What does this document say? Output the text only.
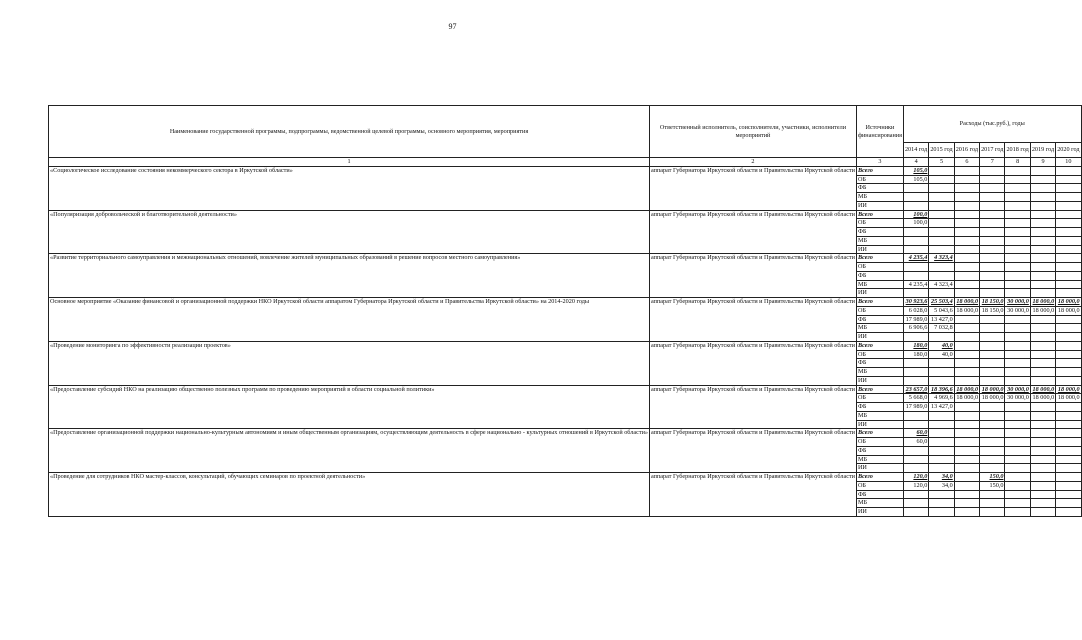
97
Наименование государственной программы, подпрограммы, ведомственной целевой программы, основного мероприятия, мероприятия	Ответственный исполнитель, соисполнители, участники, исполнители мероприятий	Источники финансирования	Расходы (тыс.руб.), годы						
			2014 год	2015 год	2016 год	2017 год	2018 год	2019 год	2020 год
1	2	3	4	5	6	7	8	9	10
«Социологическое исследование состояния некоммерческого сектора в Иркутской области»	аппарат Губернатора Иркутской области и Правительства Иркутской области	Всего	105,0						
		ОБ	105,0						
		ФБ							
		МБ							
		ИИ							
«Популяризация добровольческой и благотворительной деятельности»	аппарат Губернатора Иркутской области и Правительства Иркутской области	Всего	100,0						
		ОБ	100,0						
		ФБ							
		МБ							
		ИИ							
«Развитие территориального самоуправления и межнациональных отношений, вовлечение жителей муниципальных образований в решение вопросов местного самоуправления»	аппарат Губернатора Иркутской области и Правительства Иркутской области	Всего	4 235,4	4 323,4					
		ОБ							
		ФБ							
		МБ	4 235,4	4 323,4					
		ИИ							
Основное мероприятие «Оказание финансовой и организационной поддержки НКО Иркутской области аппаратом Губернатора Иркутской области и Правительства Иркутской области» на 2014-2020 годы	аппарат Губернатора Иркутской области и Правительства Иркутской области	Всего	30 923,6	25 503,4	18 000,0	18 150,0	30 000,0	18 000,0	18 000,0
		ОБ	6 028,0	5 043,6	18 000,0	18 150,0	30 000,0	18 000,0	18 000,0
		ФБ	17 989,0	13 427,0					
		МБ	6 906,6	7 032,8					
		ИИ							
«Проведение мониторинга по эффективности реализации проектов»	аппарат Губернатора Иркутской области и Правительства Иркутской области	Всего	180,0	40,0					
		ОБ	180,0	40,0					
		ФБ							
		МБ							
		ИИ							
«Предоставление субсидий НКО на реализацию общественно полезных программ по проведению мероприятий в области социальной политики»	аппарат Губернатора Иркутской области и Правительства Иркутской области	Всего	23 657,0	18 396,6	18 000,0	18 000,0	30 000,0	18 000,0	18 000,0
		ОБ	5 668,0	4 969,6	18 000,0	18 000,0	30 000,0	18 000,0	18 000,0
		ФБ	17 989,0	13 427,0					
		МБ							
		ИИ							
«Предоставление организационной поддержки национально-культурным автономиям и иным общественным организациям, осуществляющим деятельность в сфере национально - культурных отношений в Иркутской области»	аппарат Губернатора Иркутской области и Правительства Иркутской области	Всего	60,0						
		ОБ	60,0						
		ФБ							
		МБ							
		ИИ							
«Проведение для сотрудников НКО мастер-классов, консультаций, обучающих семинаров по проектной деятельности»	аппарат Губернатора Иркутской области и Правительства Иркутской области	Всего	120,0	34,0		150,0			
		ОБ	120,0	34,0		150,0			
		ФБ							
		МБ							
		ИИ							
